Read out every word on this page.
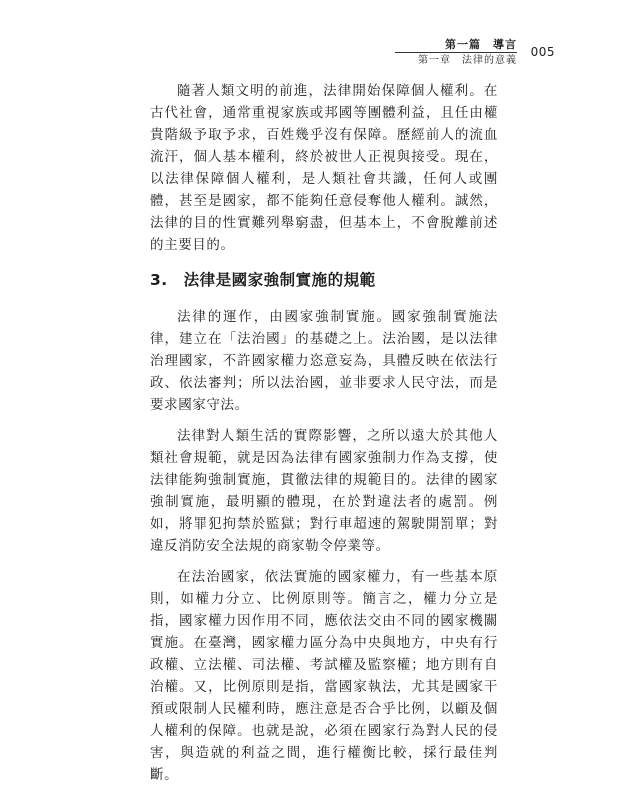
第一篇　導言
第一章　法律的意義
005

隨著人類文明的前進，法律開始保障個人權利。在古代社會，通常重視家族或邦國等團體利益，且任由權貴階級予取予求，百姓幾乎沒有保障。歷經前人的流血流汗，個人基本權利，終於被世人正視與接受。現在，以法律保障個人權利，是人類社會共識，任何人或團體，甚至是國家，都不能夠任意侵奪他人權利。誠然，法律的目的性實難列舉窮盡，但基本上，不會脫離前述的主要目的。

3.　法律是國家強制實施的規範

法律的運作，由國家強制實施。國家強制實施法律，建立在「法治國」的基礎之上。法治國，是以法律治理國家，不許國家權力恣意妄為，具體反映在依法行政、依法審判；所以法治國，並非要求人民守法，而是要求國家守法。

法律對人類生活的實際影響，之所以遠大於其他人類社會規範，就是因為法律有國家強制力作為支撐，使法律能夠強制實施，貫徹法律的規範目的。法律的國家強制實施，最明顯的體現，在於對違法者的處罰。例如，將罪犯拘禁於監獄；對行車超速的駕駛開罰單；對違反消防安全法規的商家勒令停業等。

在法治國家，依法實施的國家權力，有一些基本原則，如權力分立、比例原則等。簡言之，權力分立是指，國家權力因作用不同，應依法交由不同的國家機關實施。在臺灣，國家權力區分為中央與地方，中央有行政權、立法權、司法權、考試權及監察權；地方則有自治權。又，比例原則是指，當國家執法，尤其是國家干預或限制人民權利時，應注意是否合乎比例，以顧及個人權利的保障。也就是說，必須在國家行為對人民的侵害，與造就的利益之間，進行權衡比較，採行最佳判斷。
